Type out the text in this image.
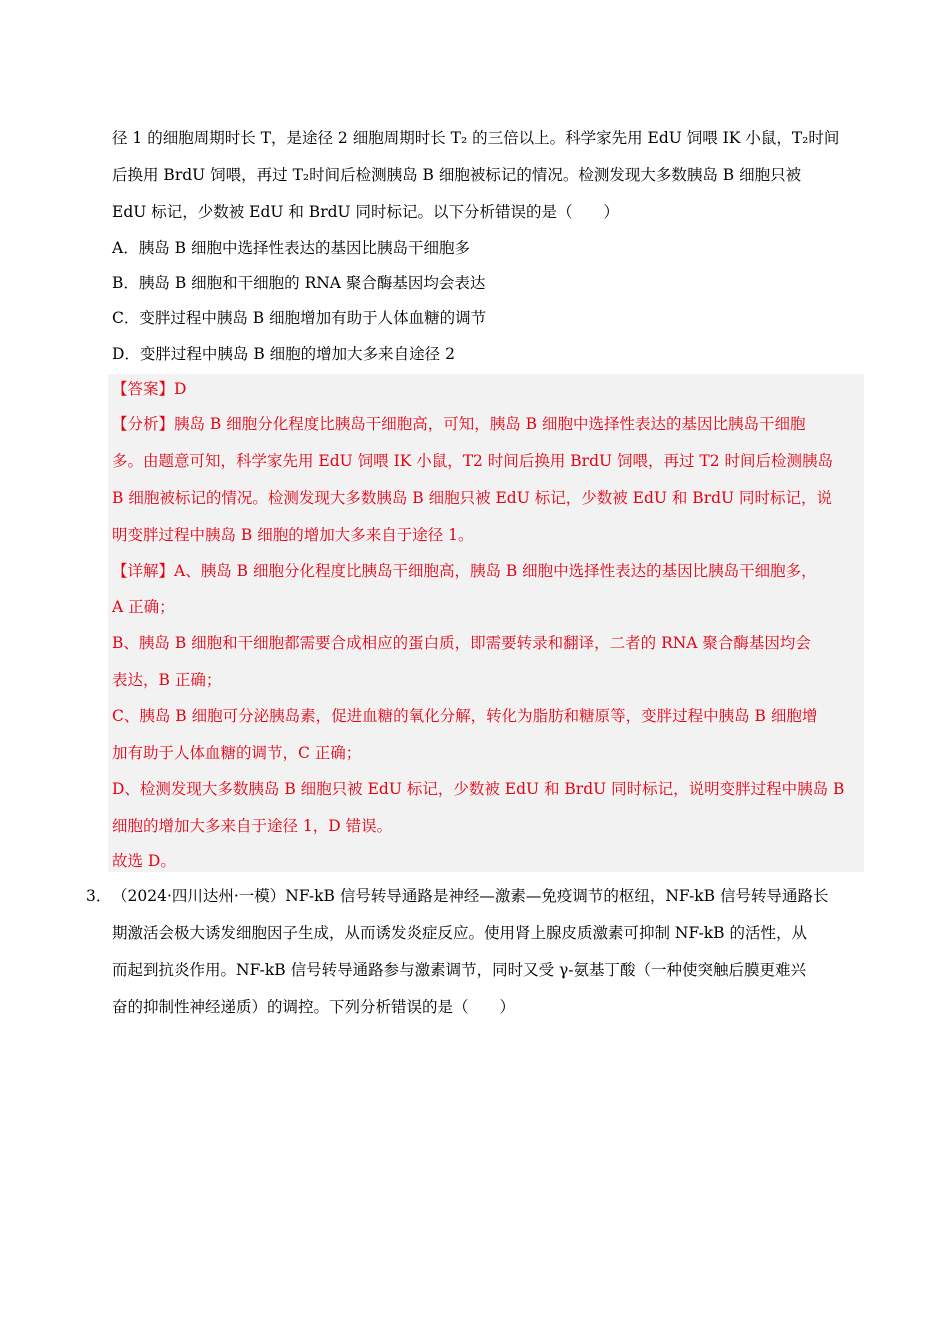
径 1 的细胞周期时长 T，是途径 2 细胞周期时长 T₂ 的三倍以上。科学家先用 EdU 饲喂 IK 小鼠，T₂时间
后换用 BrdU 饲喂，再过 T₂时间后检测胰岛 B 细胞被标记的情况。检测发现大多数胰岛 B 细胞只被
EdU 标记，少数被 EdU 和 BrdU 同时标记。以下分析错误的是（　　）
A．胰岛 B 细胞中选择性表达的基因比胰岛干细胞多
B．胰岛 B 细胞和干细胞的 RNA 聚合酶基因均会表达
C．变胖过程中胰岛 B 细胞增加有助于人体血糖的调节
D．变胖过程中胰岛 B 细胞的增加大多来自途径 2
【答案】D
【分析】胰岛 B 细胞分化程度比胰岛干细胞高，可知，胰岛 B 细胞中选择性表达的基因比胰岛干细胞
多。由题意可知，科学家先用 EdU 饲喂 IK 小鼠，T2 时间后换用 BrdU 饲喂，再过 T2 时间后检测胰岛
B 细胞被标记的情况。检测发现大多数胰岛 B 细胞只被 EdU 标记，少数被 EdU 和 BrdU 同时标记，说
明变胖过程中胰岛 B 细胞的增加大多来自于途径 1。
【详解】A、胰岛 B 细胞分化程度比胰岛干细胞高，胰岛 B 细胞中选择性表达的基因比胰岛干细胞多，
A 正确；
B、胰岛 B 细胞和干细胞都需要合成相应的蛋白质，即需要转录和翻译，二者的 RNA 聚合酶基因均会
表达，B 正确；
C、胰岛 B 细胞可分泌胰岛素，促进血糖的氧化分解，转化为脂肪和糖原等，变胖过程中胰岛 B 细胞增
加有助于人体血糖的调节，C 正确；
D、检测发现大多数胰岛 B 细胞只被 EdU 标记，少数被 EdU 和 BrdU 同时标记，说明变胖过程中胰岛 B
细胞的增加大多来自于途径 1，D 错误。
故选 D。
3． （2024·四川达州·一模）NF-kB 信号转导通路是神经—激素—免疫调节的枢纽，NF-kB 信号转导通路长
期激活会极大诱发细胞因子生成，从而诱发炎症反应。使用肾上腺皮质激素可抑制 NF-kB 的活性，从
而起到抗炎作用。NF-kB 信号转导通路参与激素调节，同时又受 γ-氨基丁酸（一种使突触后膜更难兴
奋的抑制性神经递质）的调控。下列分析错误的是（　　）
